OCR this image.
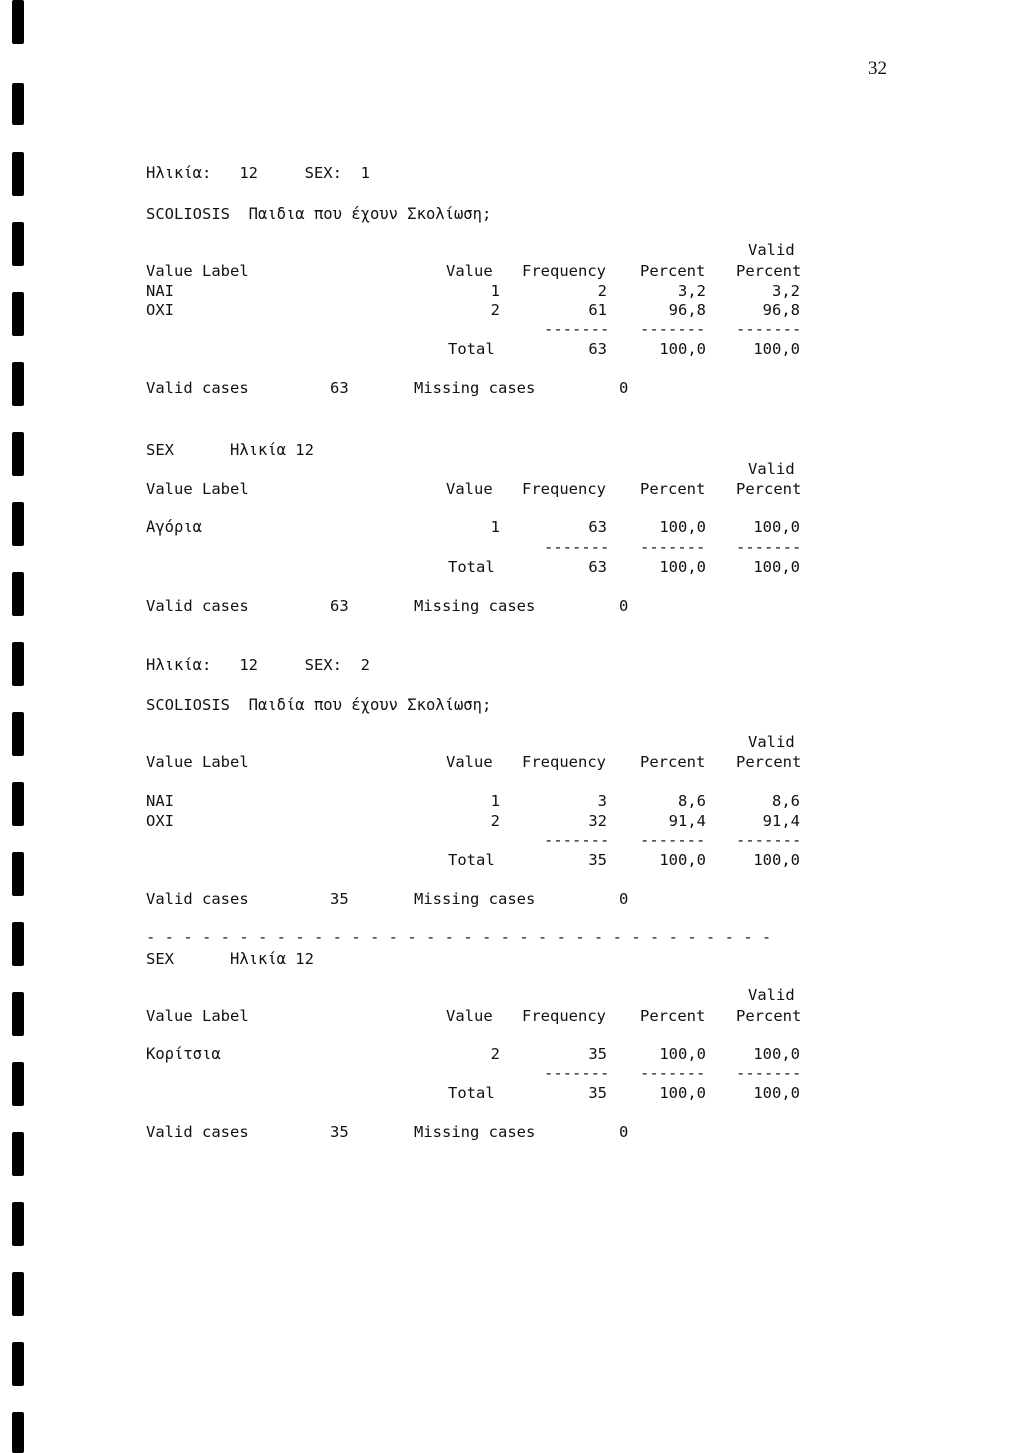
32
Ηλικία:   12     SEX:  1
SCOLIOSIS  Παιδια που έχουν Σκολίωση;
Valid
Value Label	Value Frequency Percent Percent
NAI	1	2	3,2	3,2
OXI	2	61	96,8	96,8
------- ------- -------
Total	63	100,0	100,0
Valid cases	63	Missing cases	0
SEX      Ηλικία 12
Valid
Value Label	Value Frequency Percent Percent
Αγόρια	1	63	100,0	100,0
------- ------- -------
Total	63	100,0	100,0
Valid cases	63	Missing cases	0
Ηλικία:   12     SEX:  2
SCOLIOSIS  Παιδία που έχουν Σκολίωση;
Valid
Value Label	Value Frequency Percent Percent
NAI	1	3	8,6	8,6
OXI	2	32	91,4	91,4
------- ------- -------
Total	35	100,0	100,0
Valid cases	35	Missing cases	0
- - - - - - - - - - - - - - - - - - - - - - - - - - - - - - - - - -
SEX      Ηλικία 12
Valid
Value Label	Value Frequency Percent Percent
Κορίτσια	2	35	100,0	100,0
------- ------- -------
Total	35	100,0	100,0
Valid cases	35	Missing cases	0
